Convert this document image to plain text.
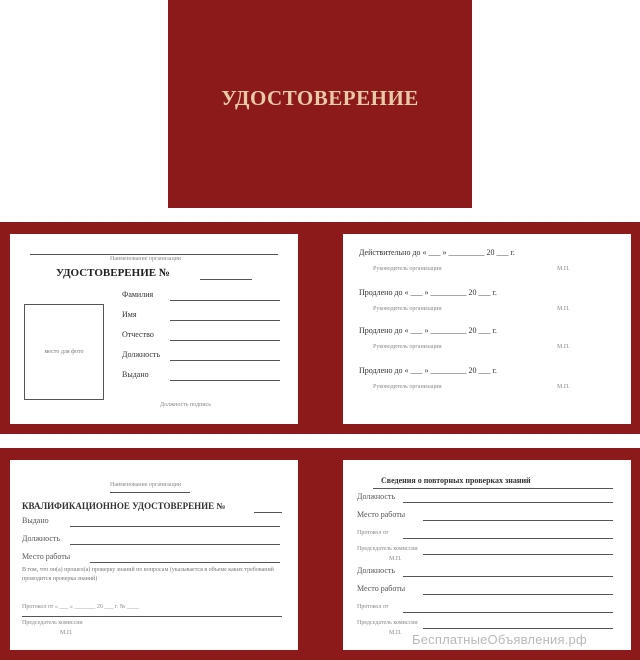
УДОСТОВЕРЕНИЕ
Наименование организации
УДОСТОВЕРЕНИЕ №
место для фото
Фамилия
Имя
Отчество
Должность
Выдано
Должность подпись
Действительно до « ___ » _________ 20 ___ г.
Руководитель организации	М.П.
Продлено до « ___ » _________ 20 ___ г.
Руководитель организации	М.П.
Продлено до « ___ » _________ 20 ___ г.
Руководитель организации	М.П.
Продлено до « ___ » _________ 20 ___ г.
Руководитель организации	М.П.
Наименование организации
КВАЛИФИКАЦИОННОЕ УДОСТОВЕРЕНИЕ №
Выдано
Должность
Место работы
В том, что он(а) прошел(а) проверку знаний по вопросам (указывается в объеме каких требований проводится проверка знаний)
Протокол от « ___ » _______ 20 ___ г. № ____
Председатель комиссии
М.П.
Сведения о повторных проверках знаний
Должность
Место работы
Протокол от
Председатель комиссии
М.П.
Должность
Место работы
Протокол от
Председатель комиссии
М.П. БесплатныеОбъявления.рф
